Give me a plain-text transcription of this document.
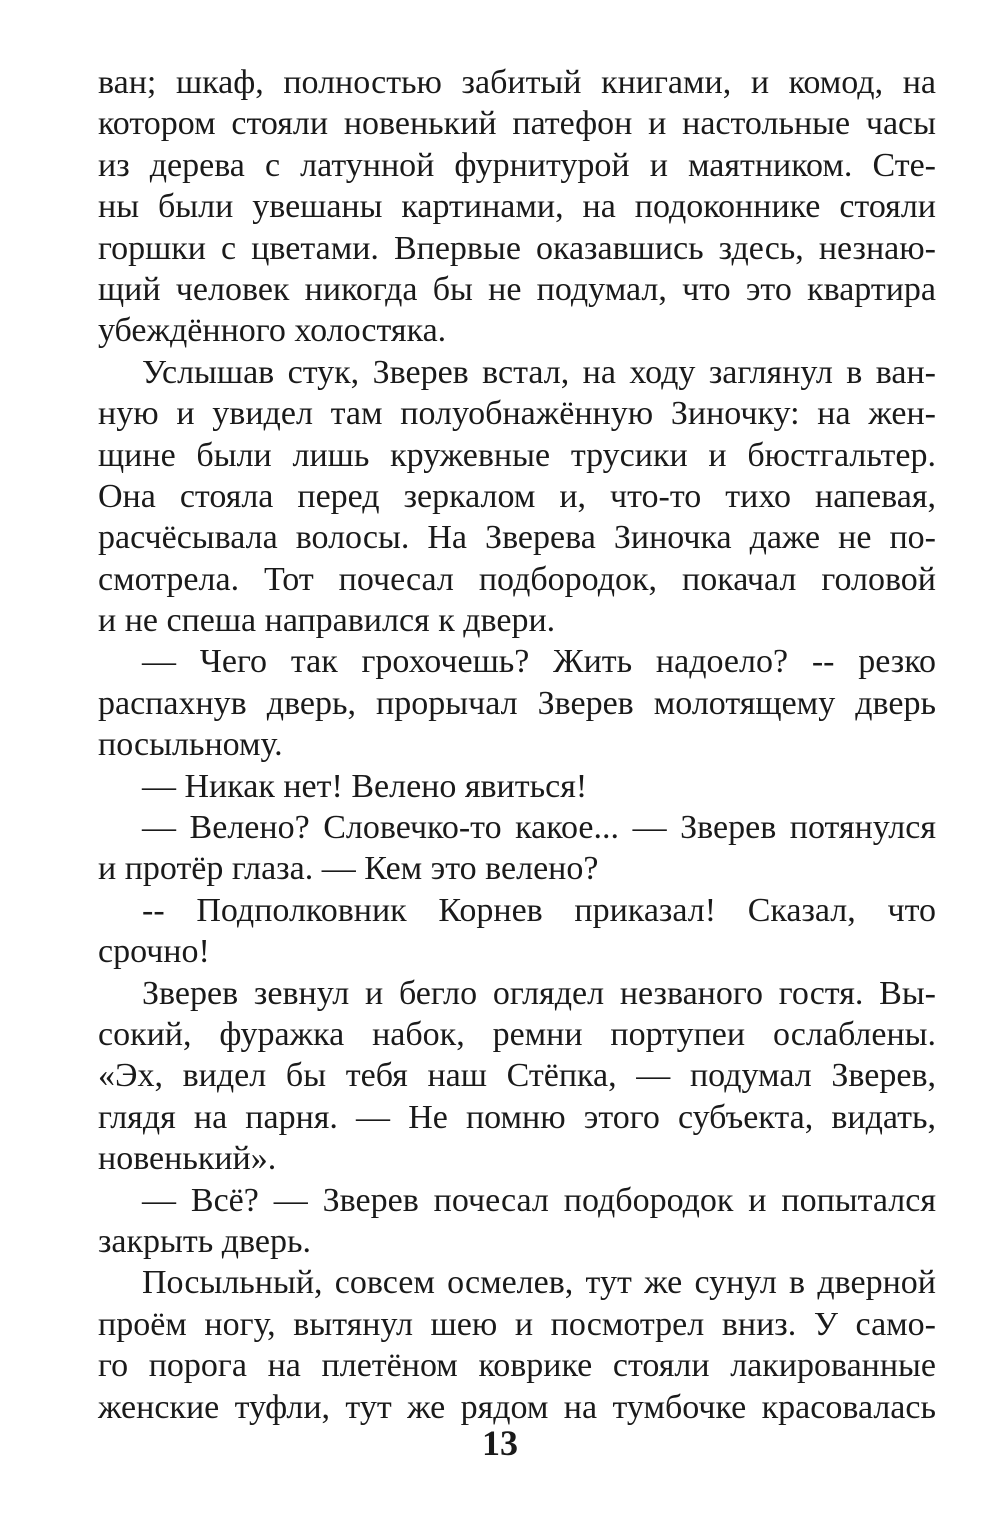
ван; шкаф, полностью забитый книгами, и комод, на
котором стояли новенький патефон и настольные часы
из дерева с латунной фурнитурой и маятником. Сте-
ны были увешаны картинами, на подоконнике стояли
горшки с цветами. Впервые оказавшись здесь, незнаю-
щий человек никогда бы не подумал, что это квартира
убеждённого холостяка.
Услышав стук, Зверев встал, на ходу заглянул в ван-
ную и увидел там полуобнажённую Зиночку: на жен-
щине были лишь кружевные трусики и бюстгальтер.
Она стояла перед зеркалом и, что-то тихо напевая,
расчёсывала волосы. На Зверева Зиночка даже не по-
смотрела. Тот почесал подбородок, покачал головой
и не спеша направился к двери.
— Чего так грохочешь? Жить надоело? -- резко
распахнув дверь, прорычал Зверев молотящему дверь
посыльному.
— Никак нет! Велено явиться!
— Велено? Словечко-то какое... — Зверев потянулся
и протёр глаза. — Кем это велено?
-- Подполковник Корнев приказал! Сказал, что
срочно!
Зверев зевнул и бегло оглядел незваного гостя. Вы-
сокий, фуражка набок, ремни портупеи ослаблены.
«Эх, видел бы тебя наш Стёпка, — подумал Зверев,
глядя на парня. — Не помню этого субъекта, видать,
новенький».
— Всё? — Зверев почесал подбородок и попытался
закрыть дверь.
Посыльный, совсем осмелев, тут же сунул в дверной
проём ногу, вытянул шею и посмотрел вниз. У само-
го порога на плетёном коврике стояли лакированные
женские туфли, тут же рядом на тумбочке красовалась
13
